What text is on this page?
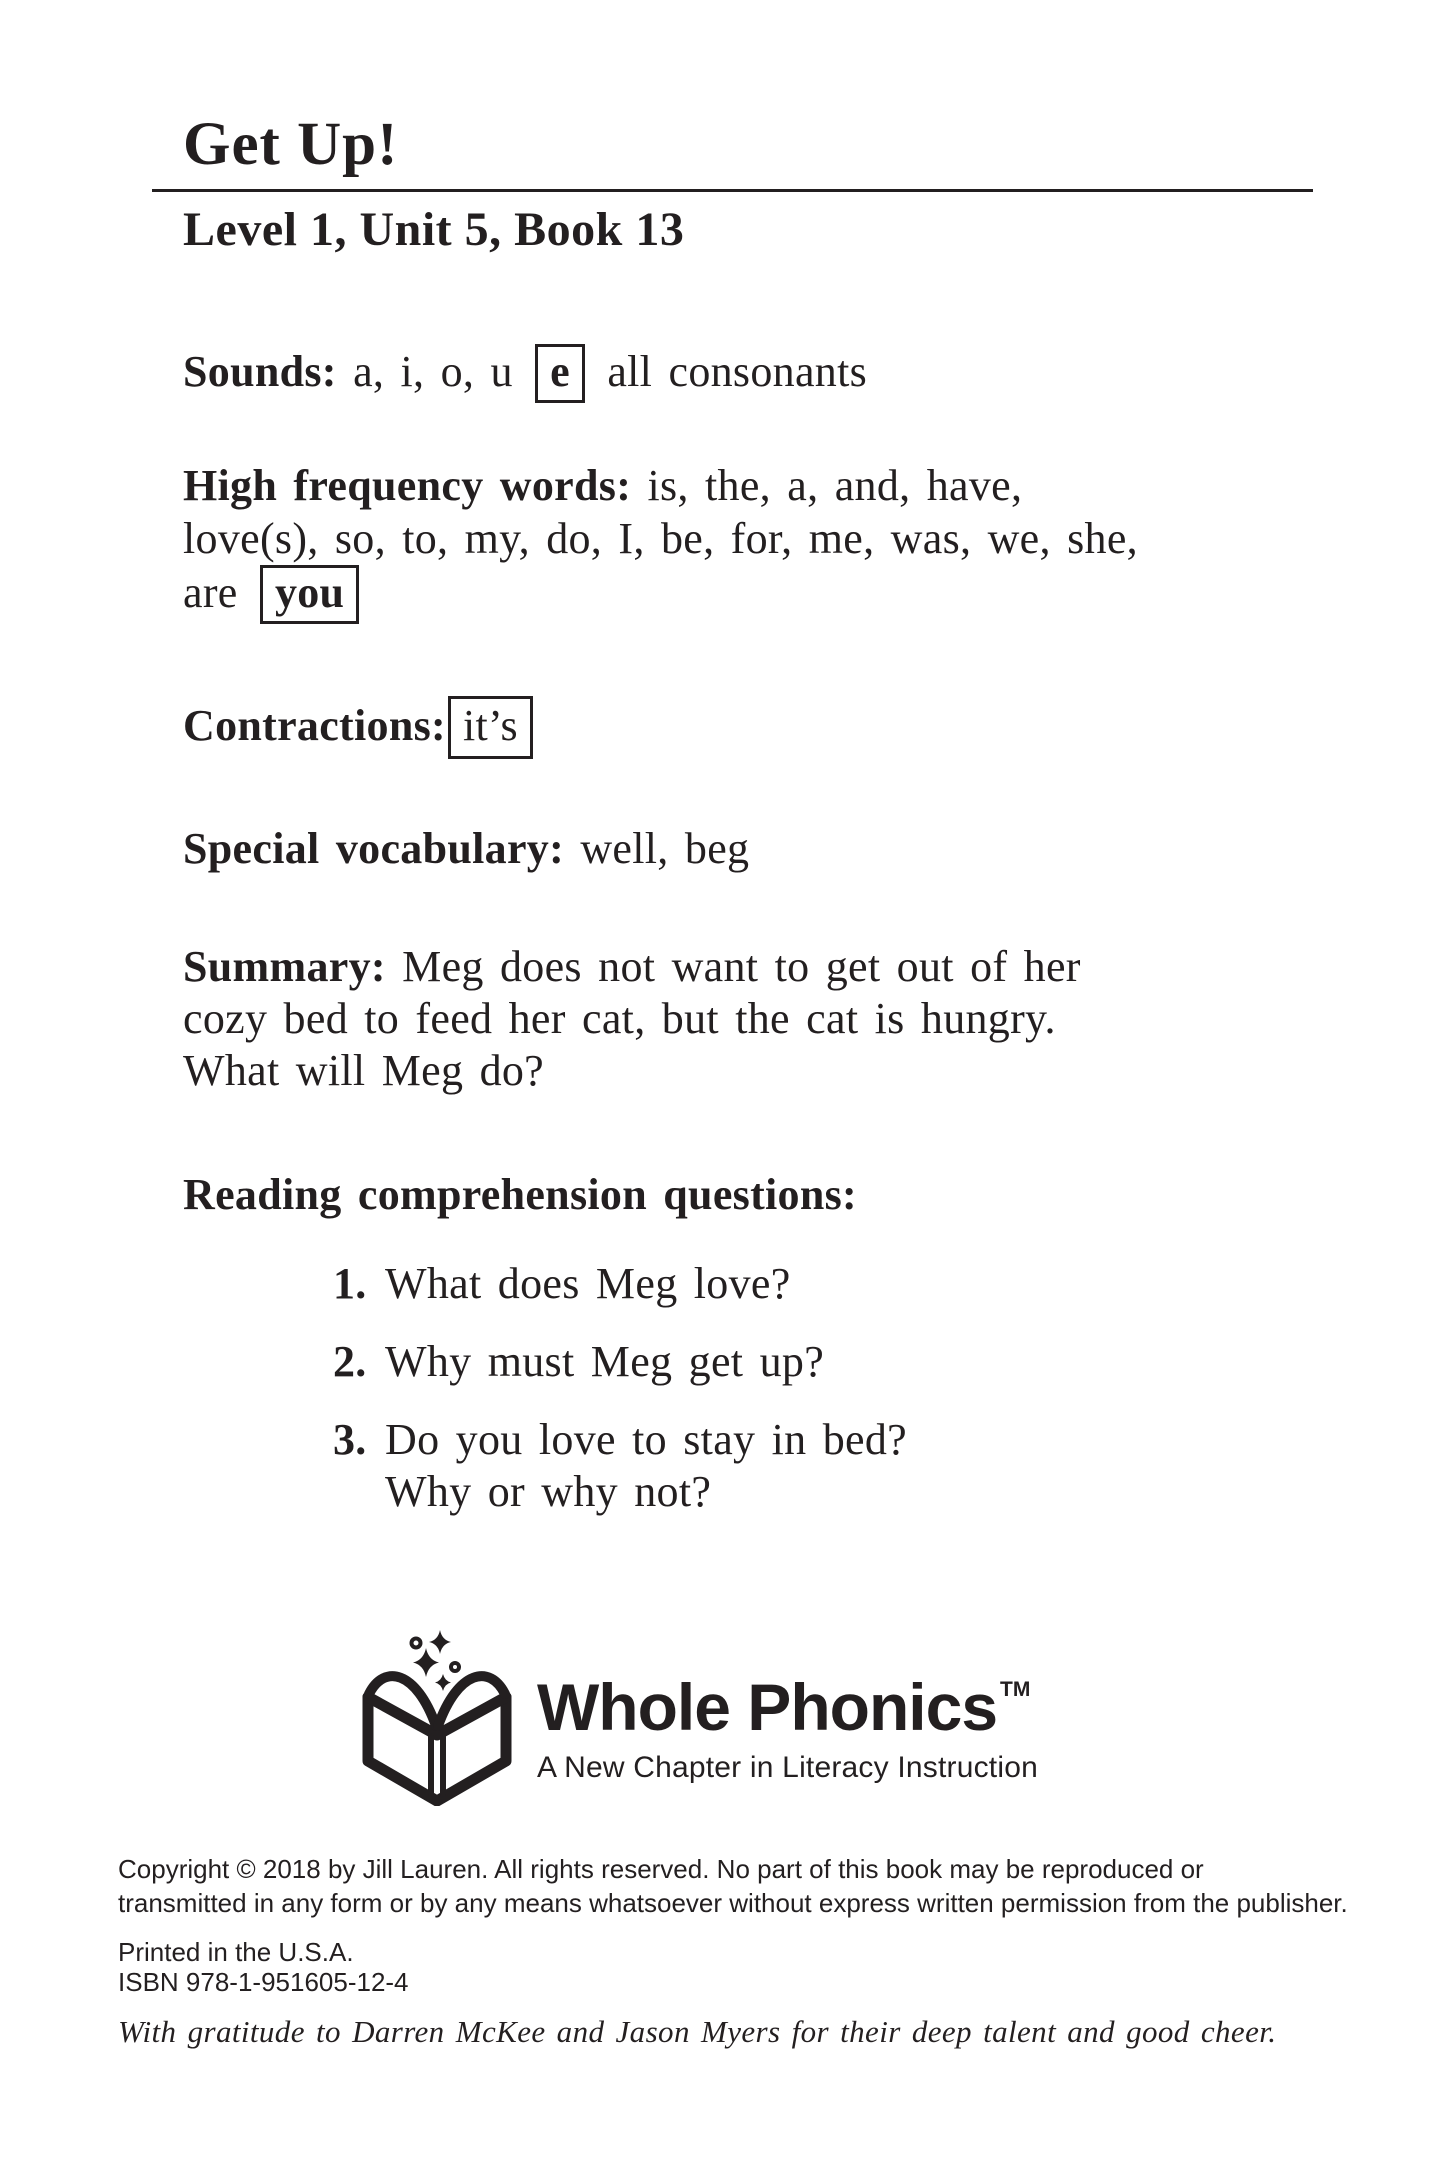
Get Up!
Level 1, Unit 5, Book 13
Sounds: a, i, o, u e all consonants
High frequency words: is, the, a, and, have,
love(s), so, to, my, do, I, be, for, me, was, we, she,
are you
Contractions: it’s
Special vocabulary: well, beg
Summary: Meg does not want to get out of her
cozy bed to feed her cat, but the cat is hungry.
What will Meg do?
Reading comprehension questions:
1. What does Meg love?
2. Why must Meg get up?
3. Do you love to stay in bed?
Why or why not?
Whole Phonics TM
A New Chapter in Literacy Instruction
Copyright © 2018 by Jill Lauren. All rights reserved. No part of this book may be reproduced or
transmitted in any form or by any means whatsoever without express written permission from the publisher.
Printed in the U.S.A.
ISBN 978-1-951605-12-4
With gratitude to Darren McKee and Jason Myers for their deep talent and good cheer.
